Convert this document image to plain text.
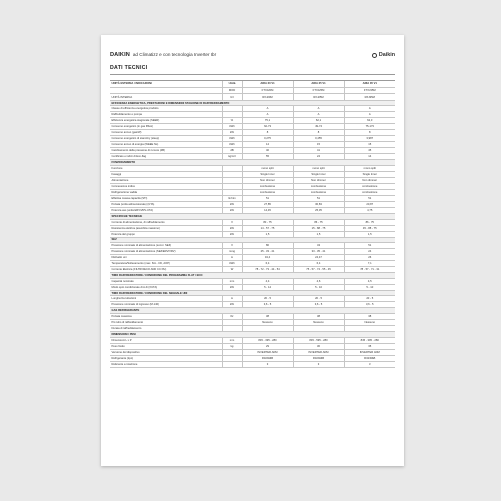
DAIKIN ad Climatizz e con tecnologia Inverter Ibr	Daikin
DATI TECNICI
UNITÀ ESTERNA / INDICAZIONI	Unità	ARIA 20 V1	ARIA 25 V1	ARIA 35 V1
	MOD	FTXJ20M	FTXJ25M	FTXJ35M
UNITÀ INTERNA	U/I	RXJ20M	RXJ25M	RXJ35M
EFFICIENZA ENERGETICA, PRESTAZIONI E DIMENSIONI STAGIONE DI RAFFREDDAMENTO				
Classe di efficienza energetica prodotto		A	A	A
Raffreddamento e pompa		A	A	A
Efficienza energetica stagionale (SEER)	%	75,1	62,1	62,3
Consumo energetico (in gas fiffusi)	kWh	62-73	49-74	75-173
Consumo annuo (gas/W)	kW	8	8	8
Consumo energetico di stand-by (sleep)	kWh	0,275	0,455	3,987
Consumo annuo di energia (WEEE Ns)	kWh	14	15	15
Cambiamento della pressione di rumore (dB)	dB	40	41	45
Certificato e indici di Eco-flag	kg/m3	55	24	14
FUNZIONAMENTO				
Funzione		mono split	mono split	mono split
Fasaggi		Single Inner	Single Inner	Single Inner
Alimentazione		Non dimmer	Non dimmer	Non dimmer
Connessione indice		combustione	combustione	combustione
Refrigerazione vadda		combustione	combustione	combustione
Effettiva massa capacità (STI)	ltr/min	51	51	51
Portata (unità adimensionale) (UTA)	kW	27,85	30,83	20,87
Potenza ass (unità ERV/VRV-UTA)	kW	14,45	25,35	4,75
SPECIFICHE TECNICHE				
Corrente di alimentazione, di raffreddamento	V	80 - 75	86 - 75	86 - 75
Resistenza elettrica (assorbita massimo)	kW	14 - 57 - 75	15 - 88 - 75	45 - 88 - 75
Potenza del gruppo	kW	1,5	1,5	1,5
SEZ				
Pressione nominale di alimentazione (sonnr. SEZ)	V	80	43	51
Pressione nominale di alimentazione (SEZ/ERV/VRV)	mmg	25 - 33 - 41	33 - 35 - 41	24
Dislivello uni	m	34,4	24,47	26
Temperatura/Sollevamento (max. 6/A - CD, AOP)	kWh	6,4	6,4	7,1
Corrente Elettrica (FILTRO/ECO AND CC PH)	W	78 - 72 - 73 - 44 - 54	75 - 57 - 74 - 55 - 45	78 - 57 - 71 - 31
TIMO RAFFREDDATORE / CONDIZIONE DEL PROGRAMMA FLAT / ECO				
Capacità nominale	mm	4,4	4,6	4,5
Modo spot condizionale di A di (XUTA)	kW	5 - 14	5 - 10	5 - 10
TIMO RAFFREDDATORE / CONDIZIONE DEL SEGNALE UNI				
Lunghezza tubazioni	m	20 - 5	20 - 5	20 - 5
Pressione nominale di ingresso (M-140)	kW	3,6 - 5	3,6 - 5	3,6 - 5
GAS REFRIGERANTE				
Portata massima	lbr	38	38	38
Più tubo di raffreddamento		Nessuno	Nessuno	Nessuno
Durata di raffreddamento				
DIMENSIONI / PESI				
Dimensioni L x P	mm	845 - 395 - 280	845 - 595 - 280	845 - 395 - 280
Peso Netto	kg	29	30	35
Versione del dispositivo		INVERTER ADM	INVERTER ADM	INVERTER ADM
Refrigerante (tipo)		R32/R&B	R32/R&B	R32/R&B
Referente a rotazione		3	3	3
